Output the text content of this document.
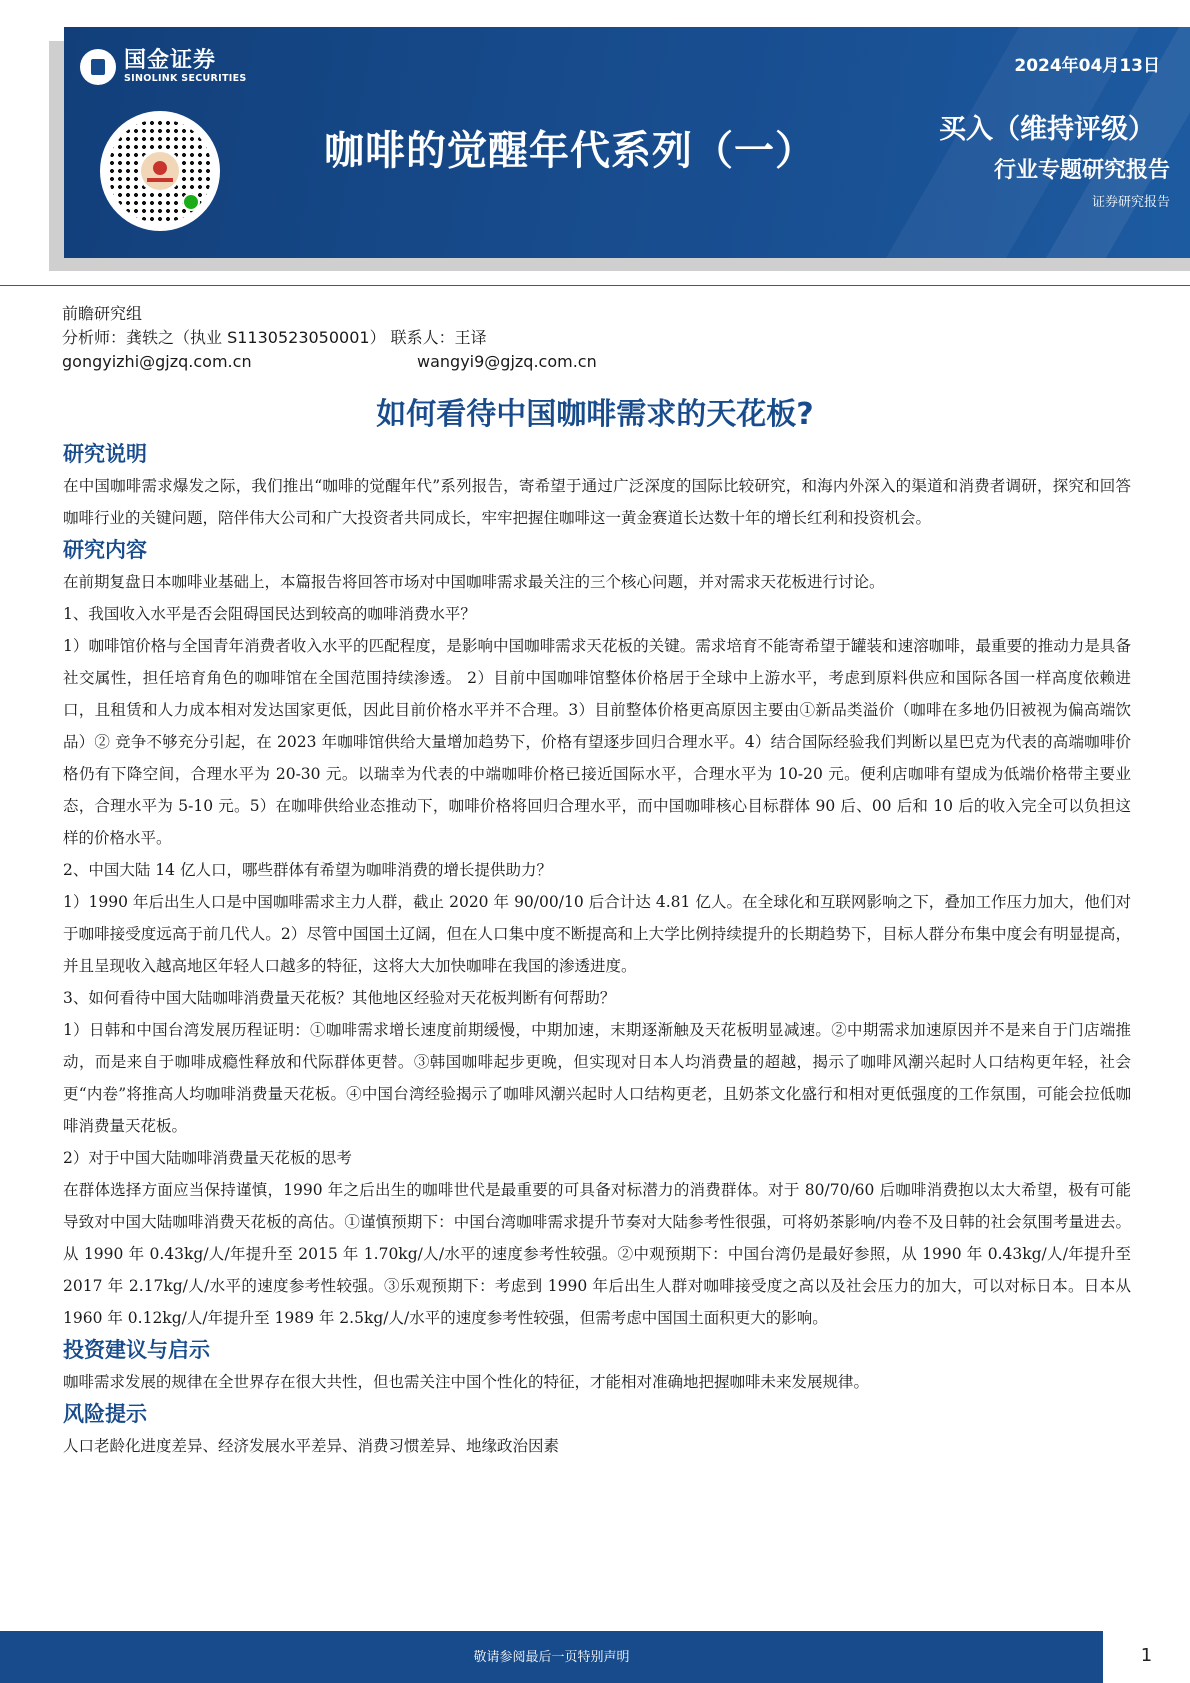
国金证券
SINOLINK SECURITIES
咖啡的觉醒年代系列（一）
2024年04月13日
买入（维持评级）
行业专题研究报告
证券研究报告
前瞻研究组
分析师：龚轶之（执业 S1130523050001） 联系人：王译
gongyizhi@gjzq.com.cn	wangyi9@gjzq.com.cn
如何看待中国咖啡需求的天花板?
研究说明
在中国咖啡需求爆发之际，我们推出“咖啡的觉醒年代”系列报告，寄希望于通过广泛深度的国际比较研究，和海内外深入的渠道和消费者调研，探究和回答咖啡行业的关键问题，陪伴伟大公司和广大投资者共同成长，牢牢把握住咖啡这一黄金赛道长达数十年的增长红利和投资机会。
研究内容
在前期复盘日本咖啡业基础上，本篇报告将回答市场对中国咖啡需求最关注的三个核心问题，并对需求天花板进行讨论。
1、我国收入水平是否会阻碍国民达到较高的咖啡消费水平？
1）咖啡馆价格与全国青年消费者收入水平的匹配程度，是影响中国咖啡需求天花板的关键。需求培育不能寄希望于罐装和速溶咖啡，最重要的推动力是具备社交属性，担任培育角色的咖啡馆在全国范围持续渗透。 2）目前中国咖啡馆整体价格居于全球中上游水平，考虑到原料供应和国际各国一样高度依赖进口，且租赁和人力成本相对发达国家更低，因此目前价格水平并不合理。3）目前整体价格更高原因主要由①新品类溢价（咖啡在多地仍旧被视为偏高端饮品）② 竞争不够充分引起，在 2023 年咖啡馆供给大量增加趋势下，价格有望逐步回归合理水平。4）结合国际经验我们判断以星巴克为代表的高端咖啡价格仍有下降空间，合理水平为 20-30 元。以瑞幸为代表的中端咖啡价格已接近国际水平，合理水平为 10-20 元。便利店咖啡有望成为低端价格带主要业态，合理水平为 5-10 元。5）在咖啡供给业态推动下，咖啡价格将回归合理水平，而中国咖啡核心目标群体 90 后、00 后和 10 后的收入完全可以负担这样的价格水平。
2、中国大陆 14 亿人口，哪些群体有希望为咖啡消费的增长提供助力？
1）1990 年后出生人口是中国咖啡需求主力人群，截止 2020 年 90/00/10 后合计达 4.81 亿人。在全球化和互联网影响之下，叠加工作压力加大，他们对于咖啡接受度远高于前几代人。2）尽管中国国土辽阔，但在人口集中度不断提高和上大学比例持续提升的长期趋势下，目标人群分布集中度会有明显提高，并且呈现收入越高地区年轻人口越多的特征，这将大大加快咖啡在我国的渗透进度。
3、如何看待中国大陆咖啡消费量天花板？其他地区经验对天花板判断有何帮助？
1）日韩和中国台湾发展历程证明：①咖啡需求增长速度前期缓慢，中期加速，末期逐渐触及天花板明显减速。②中期需求加速原因并不是来自于门店端推动，而是来自于咖啡成瘾性释放和代际群体更替。③韩国咖啡起步更晚，但实现对日本人均消费量的超越，揭示了咖啡风潮兴起时人口结构更年轻，社会更“内卷”将推高人均咖啡消费量天花板。④中国台湾经验揭示了咖啡风潮兴起时人口结构更老，且奶茶文化盛行和相对更低强度的工作氛围，可能会拉低咖啡消费量天花板。
2）对于中国大陆咖啡消费量天花板的思考
在群体选择方面应当保持谨慎，1990 年之后出生的咖啡世代是最重要的可具备对标潜力的消费群体。对于 80/70/60 后咖啡消费抱以太大希望，极有可能导致对中国大陆咖啡消费天花板的高估。①谨慎预期下：中国台湾咖啡需求提升节奏对大陆参考性很强，可将奶茶影响/内卷不及日韩的社会氛围考量进去。从 1990 年 0.43kg/人/年提升至 2015 年 1.70kg/人/水平的速度参考性较强。②中观预期下：中国台湾仍是最好参照，从 1990 年 0.43kg/人/年提升至 2017 年 2.17kg/人/水平的速度参考性较强。③乐观预期下：考虑到 1990 年后出生人群对咖啡接受度之高以及社会压力的加大，可以对标日本。日本从1960 年 0.12kg/人/年提升至 1989 年 2.5kg/人/水平的速度参考性较强，但需考虑中国国土面积更大的影响。
投资建议与启示
咖啡需求发展的规律在全世界存在很大共性，但也需关注中国个性化的特征，才能相对准确地把握咖啡未来发展规律。
风险提示
人口老龄化进度差异、经济发展水平差异、消费习惯差异、地缘政治因素
敬请参阅最后一页特别声明	1
